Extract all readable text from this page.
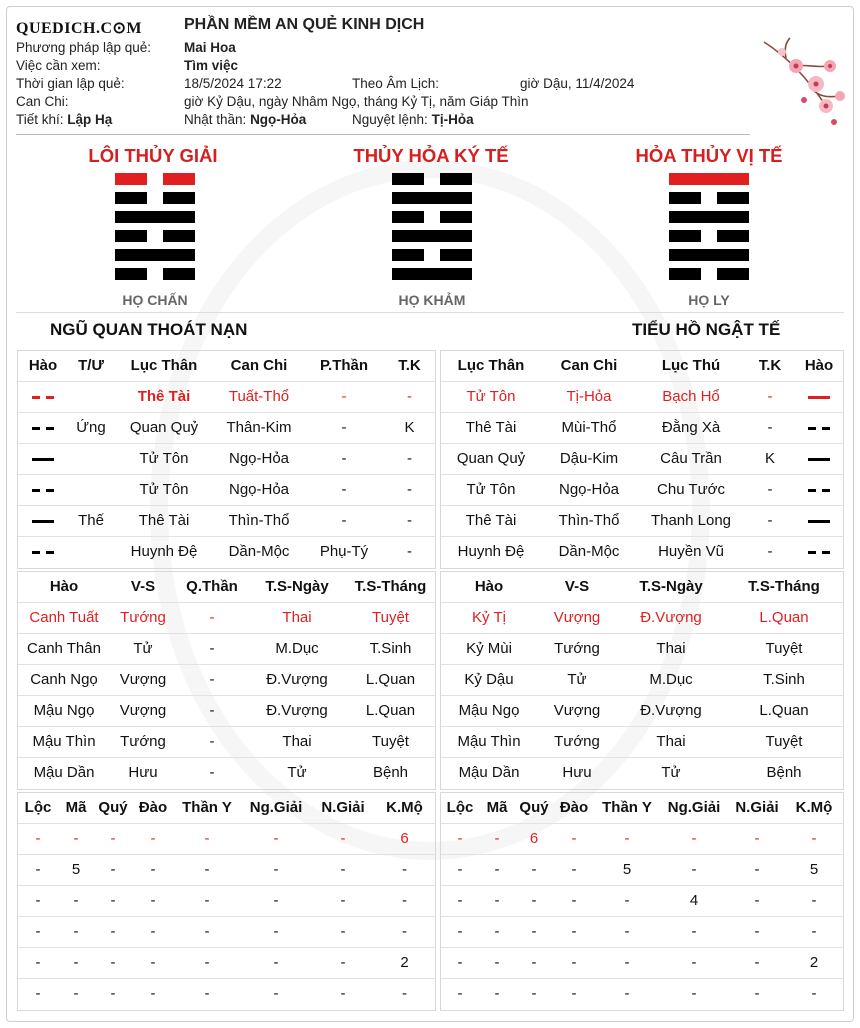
QUEDICH.C⊙M	PHẦN MỀM AN QUẺ KINH DỊCH
Phương pháp lập quẻ: Mai Hoa
Việc cần xem:	Tìm việc
Thời gian lập quẻ:	18/5/2024 17:22	Theo Âm Lịch:	giờ Dậu, 11/4/2024
Can Chi:	giờ Kỷ Dậu, ngày Nhâm Ngọ, tháng Kỷ Tị, năm Giáp Thìn
Tiết khí: Lập Hạ	Nhật thần: Ngọ-Hỏa	Nguyệt lệnh: Tị-Hỏa
LÔI THỦY GIẢI	THỦY HỎA KÝ TẾ	HỎA THỦY VỊ TẾ
HỌ CHẤN	HỌ KHẢM	HỌ LY
NGŨ QUAN THOÁT NẠN	TIỂU HỒ NGẬT TẾ
Hào	T/Ư	Lục Thân	Can Chi	P.Thần	T.K
		Thê Tài	Tuất-Thổ	-	-
	Ứng	Quan Quỷ	Thân-Kim	-	K
		Tử Tôn	Ngọ-Hỏa	-	-
		Tử Tôn	Ngọ-Hỏa	-	-
	Thế	Thê Tài	Thìn-Thổ	-	-
		Huynh Đệ	Dần-Mộc	Phụ-Tý	-
Lục Thân	Can Chi	Lục Thú	T.K	Hào
Tử Tôn	Tị-Hỏa	Bạch Hổ	-	
Thê Tài	Mùi-Thổ	Đằng Xà	-	
Quan Quỷ	Dậu-Kim	Câu Trần	K	
Tử Tôn	Ngọ-Hỏa	Chu Tước	-	
Thê Tài	Thìn-Thổ	Thanh Long	-	
Huynh Đệ	Dần-Mộc	Huyền Vũ	-	
Hào	V-S	Q.Thần	T.S-Ngày	T.S-Tháng
Canh Tuất	Tướng	-	Thai	Tuyệt
Canh Thân	Tử	-	M.Dục	T.Sinh
Canh Ngọ	Vượng	-	Đ.Vượng	L.Quan
Mậu Ngọ	Vượng	-	Đ.Vượng	L.Quan
Mậu Thìn	Tướng	-	Thai	Tuyệt
Mậu Dần	Hưu	-	Tử	Bệnh
Hào	V-S	T.S-Ngày	T.S-Tháng
Kỷ Tị	Vượng	Đ.Vượng	L.Quan
Kỷ Mùi	Tướng	Thai	Tuyệt
Kỷ Dậu	Tử	M.Dục	T.Sinh
Mậu Ngọ	Vượng	Đ.Vượng	L.Quan
Mậu Thìn	Tướng	Thai	Tuyệt
Mậu Dần	Hưu	Tử	Bệnh
Lộc	Mã	Quý	Đào	Thần Y	Ng.Giải	N.Giải	K.Mộ
-	-	-	-	-	-	-	6
-	5	-	-	-	-	-	-
-	-	-	-	-	-	-	-
-	-	-	-	-	-	-	-
-	-	-	-	-	-	-	2
-	-	-	-	-	-	-	-
Lộc	Mã	Quý	Đào	Thần Y	Ng.Giải	N.Giải	K.Mộ
-	-	6	-	-	-	-	-
-	-	-	-	5	-	-	5
-	-	-	-	-	4	-	-
-	-	-	-	-	-	-	-
-	-	-	-	-	-	-	2
-	-	-	-	-	-	-	-
